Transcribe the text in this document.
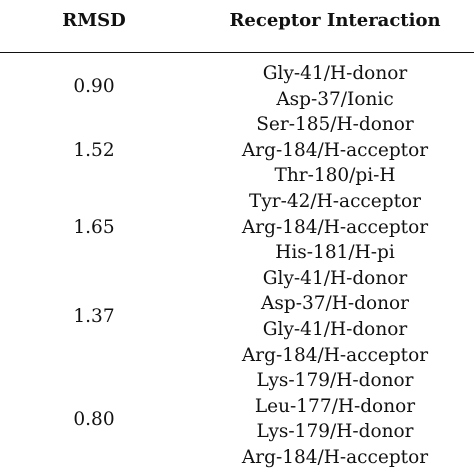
RMSD	Receptor Interaction
Gly-41/H-donor
Asp-37/Ionic
0.90
Ser-185/H-donor
Arg-184/H-acceptor
Thr-180/pi-H
1.52
Tyr-42/H-acceptor
Arg-184/H-acceptor
His-181/H-pi
1.65
Gly-41/H-donor
Asp-37/H-donor
Gly-41/H-donor
Arg-184/H-acceptor
1.37
Lys-179/H-donor
Leu-177/H-donor
Lys-179/H-donor
Arg-184/H-acceptor
0.80
